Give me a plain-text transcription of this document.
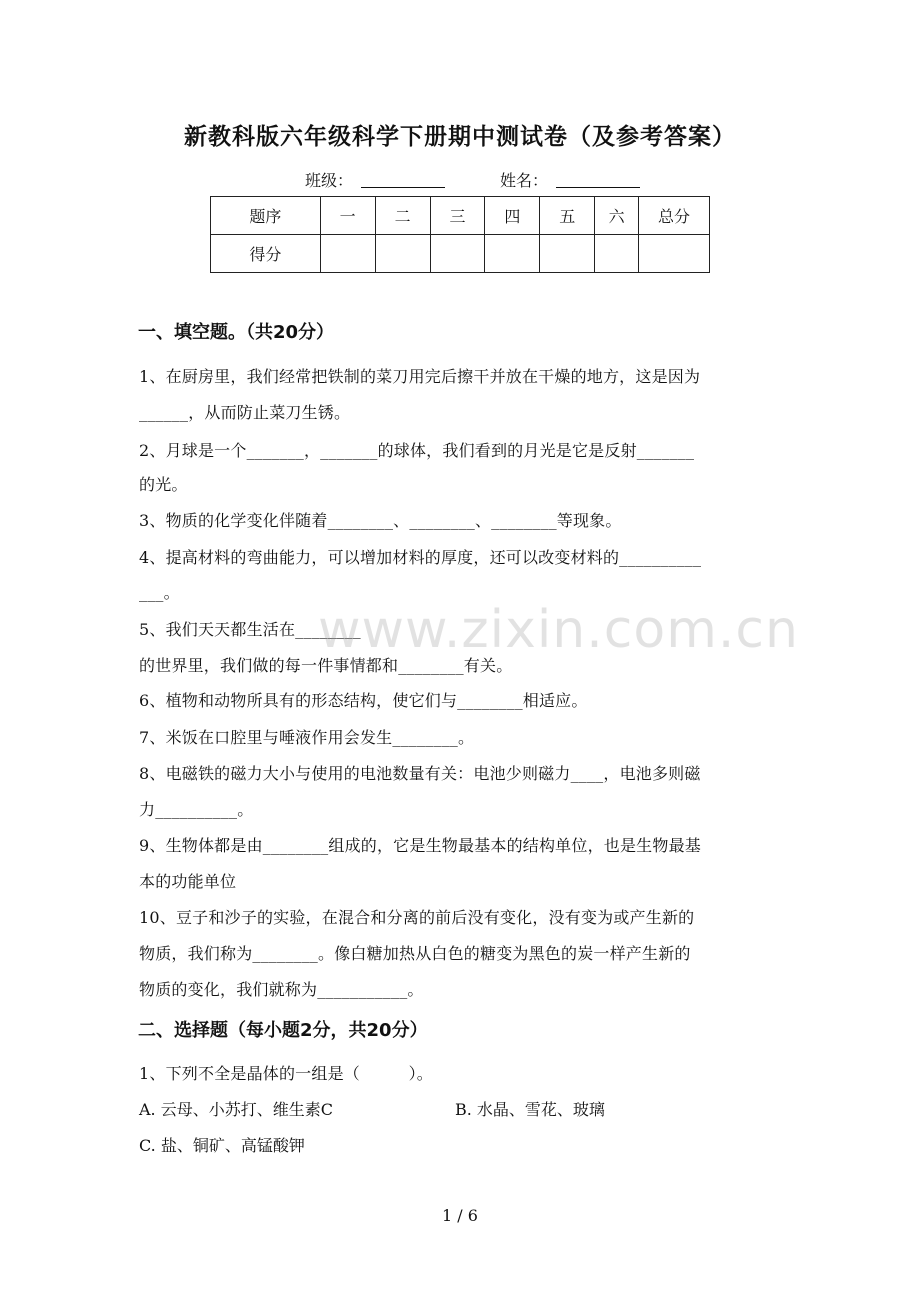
新教科版六年级科学下册期中测试卷（及参考答案）
班级：	姓名：
题序	一	二	三	四	五	六	总分
得分							
一、填空题。（共20分）
1、在厨房里，我们经常把铁制的菜刀用完后擦干并放在干燥的地方，这是因为
______，从而防止菜刀生锈。
2、月球是一个_______，_______的球体，我们看到的月光是它是反射_______
的光。
3、物质的化学变化伴随着________、________、________等现象。
4、提高材料的弯曲能力，可以增加材料的厚度，还可以改变材料的__________
___。
5、我们天天都生活在________
的世界里，我们做的每一件事情都和________有关。
6、植物和动物所具有的形态结构，使它们与________相适应。
7、米饭在口腔里与唾液作用会发生________。
8、电磁铁的磁力大小与使用的电池数量有关：电池少则磁力____，电池多则磁
力__________。
9、生物体都是由________组成的，它是生物最基本的结构单位，也是生物最基
本的功能单位
10、豆子和沙子的实验，在混合和分离的前后没有变化，没有变为或产生新的
物质，我们称为________。像白糖加热从白色的糖变为黑色的炭一样产生新的
物质的变化，我们就称为___________。
二、选择题（每小题2分，共20分）
1、下列不全是晶体的一组是（　　　）。
A. 云母、小苏打、维生素C	B. 水晶、雪花、玻璃
C. 盐、铜矿、高锰酸钾
www.zixin.com.cn
1 / 6
